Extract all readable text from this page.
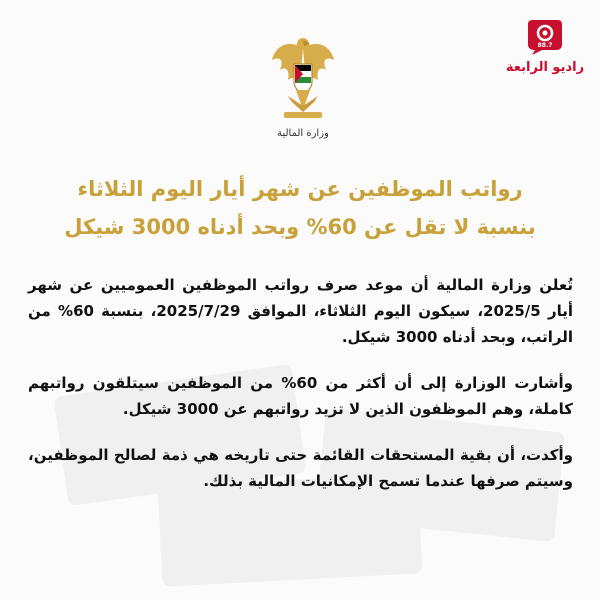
وزارة المالية
88.7
راديو الرابعة
رواتب الموظفين عن شهر أيار اليوم الثلاثاء
بنسبة لا تقل عن 60% وبحد أدناه 3000 شيكل

تُعلن وزارة المالية أن موعد صرف رواتب الموظفين العموميين عن شهر أيار 2025/5، سيكون اليوم الثلاثاء، الموافق 2025/7/29، بنسبة 60% من الراتب، وبحد أدناه 3000 شيكل.

وأشارت الوزارة إلى أن أكثر من 60% من الموظفين سيتلقون رواتبهم كاملة، وهم الموظفون الذين لا تزيد رواتبهم عن 3000 شيكل.

وأكدت، أن بقية المستحقات القائمة حتى تاريخه هي ذمة لصالح الموظفين، وسيتم صرفها عندما تسمح الإمكانيات المالية بذلك.
